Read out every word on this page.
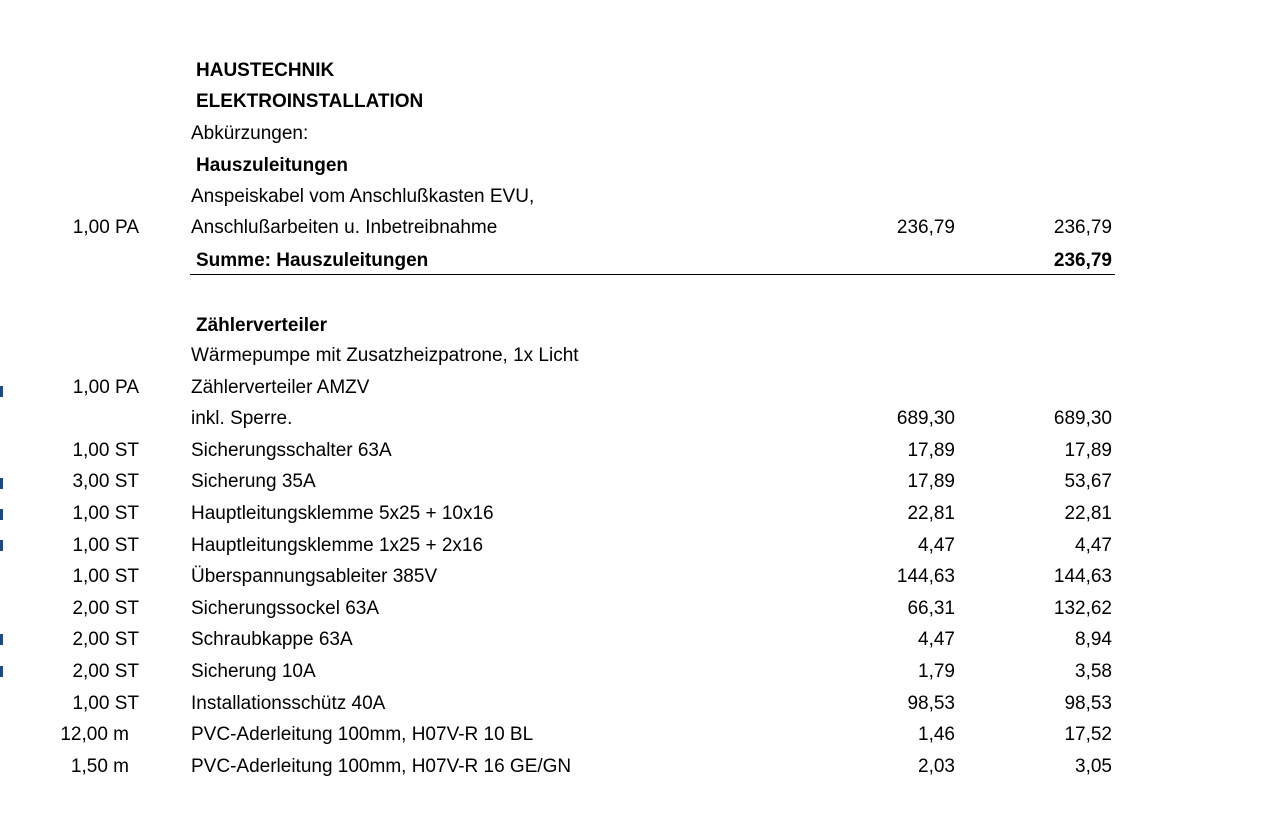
HAUSTECHNIK
ELEKTROINSTALLATION
Abkürzungen:
Hauszuleitungen
Anspeiskabel vom Anschlußkasten EVU,
1,00 PA	Anschlußarbeiten u. Inbetreibnahme	236,79	236,79
Summe: Hauszuleitungen	236,79
Zählerverteiler
Wärmepumpe mit Zusatzheizpatrone, 1x Licht
1,00 PA	Zählerverteiler AMZV
inkl. Sperre.	689,30	689,30
1,00 ST	Sicherungsschalter 63A	17,89	17,89
3,00 ST	Sicherung 35A	17,89	53,67
1,00 ST	Hauptleitungsklemme 5x25 + 10x16	22,81	22,81
1,00 ST	Hauptleitungsklemme 1x25 + 2x16	4,47	4,47
1,00 ST	Überspannungsableiter 385V	144,63	144,63
2,00 ST	Sicherungssockel 63A	66,31	132,62
2,00 ST	Schraubkappe 63A	4,47	8,94
2,00 ST	Sicherung 10A	1,79	3,58
1,00 ST	Installationsschütz 40A	98,53	98,53
12,00 m	PVC-Aderleitung 100mm, H07V-R 10 BL	1,46	17,52
1,50 m	PVC-Aderleitung 100mm, H07V-R 16 GE/GN	2,03	3,05
